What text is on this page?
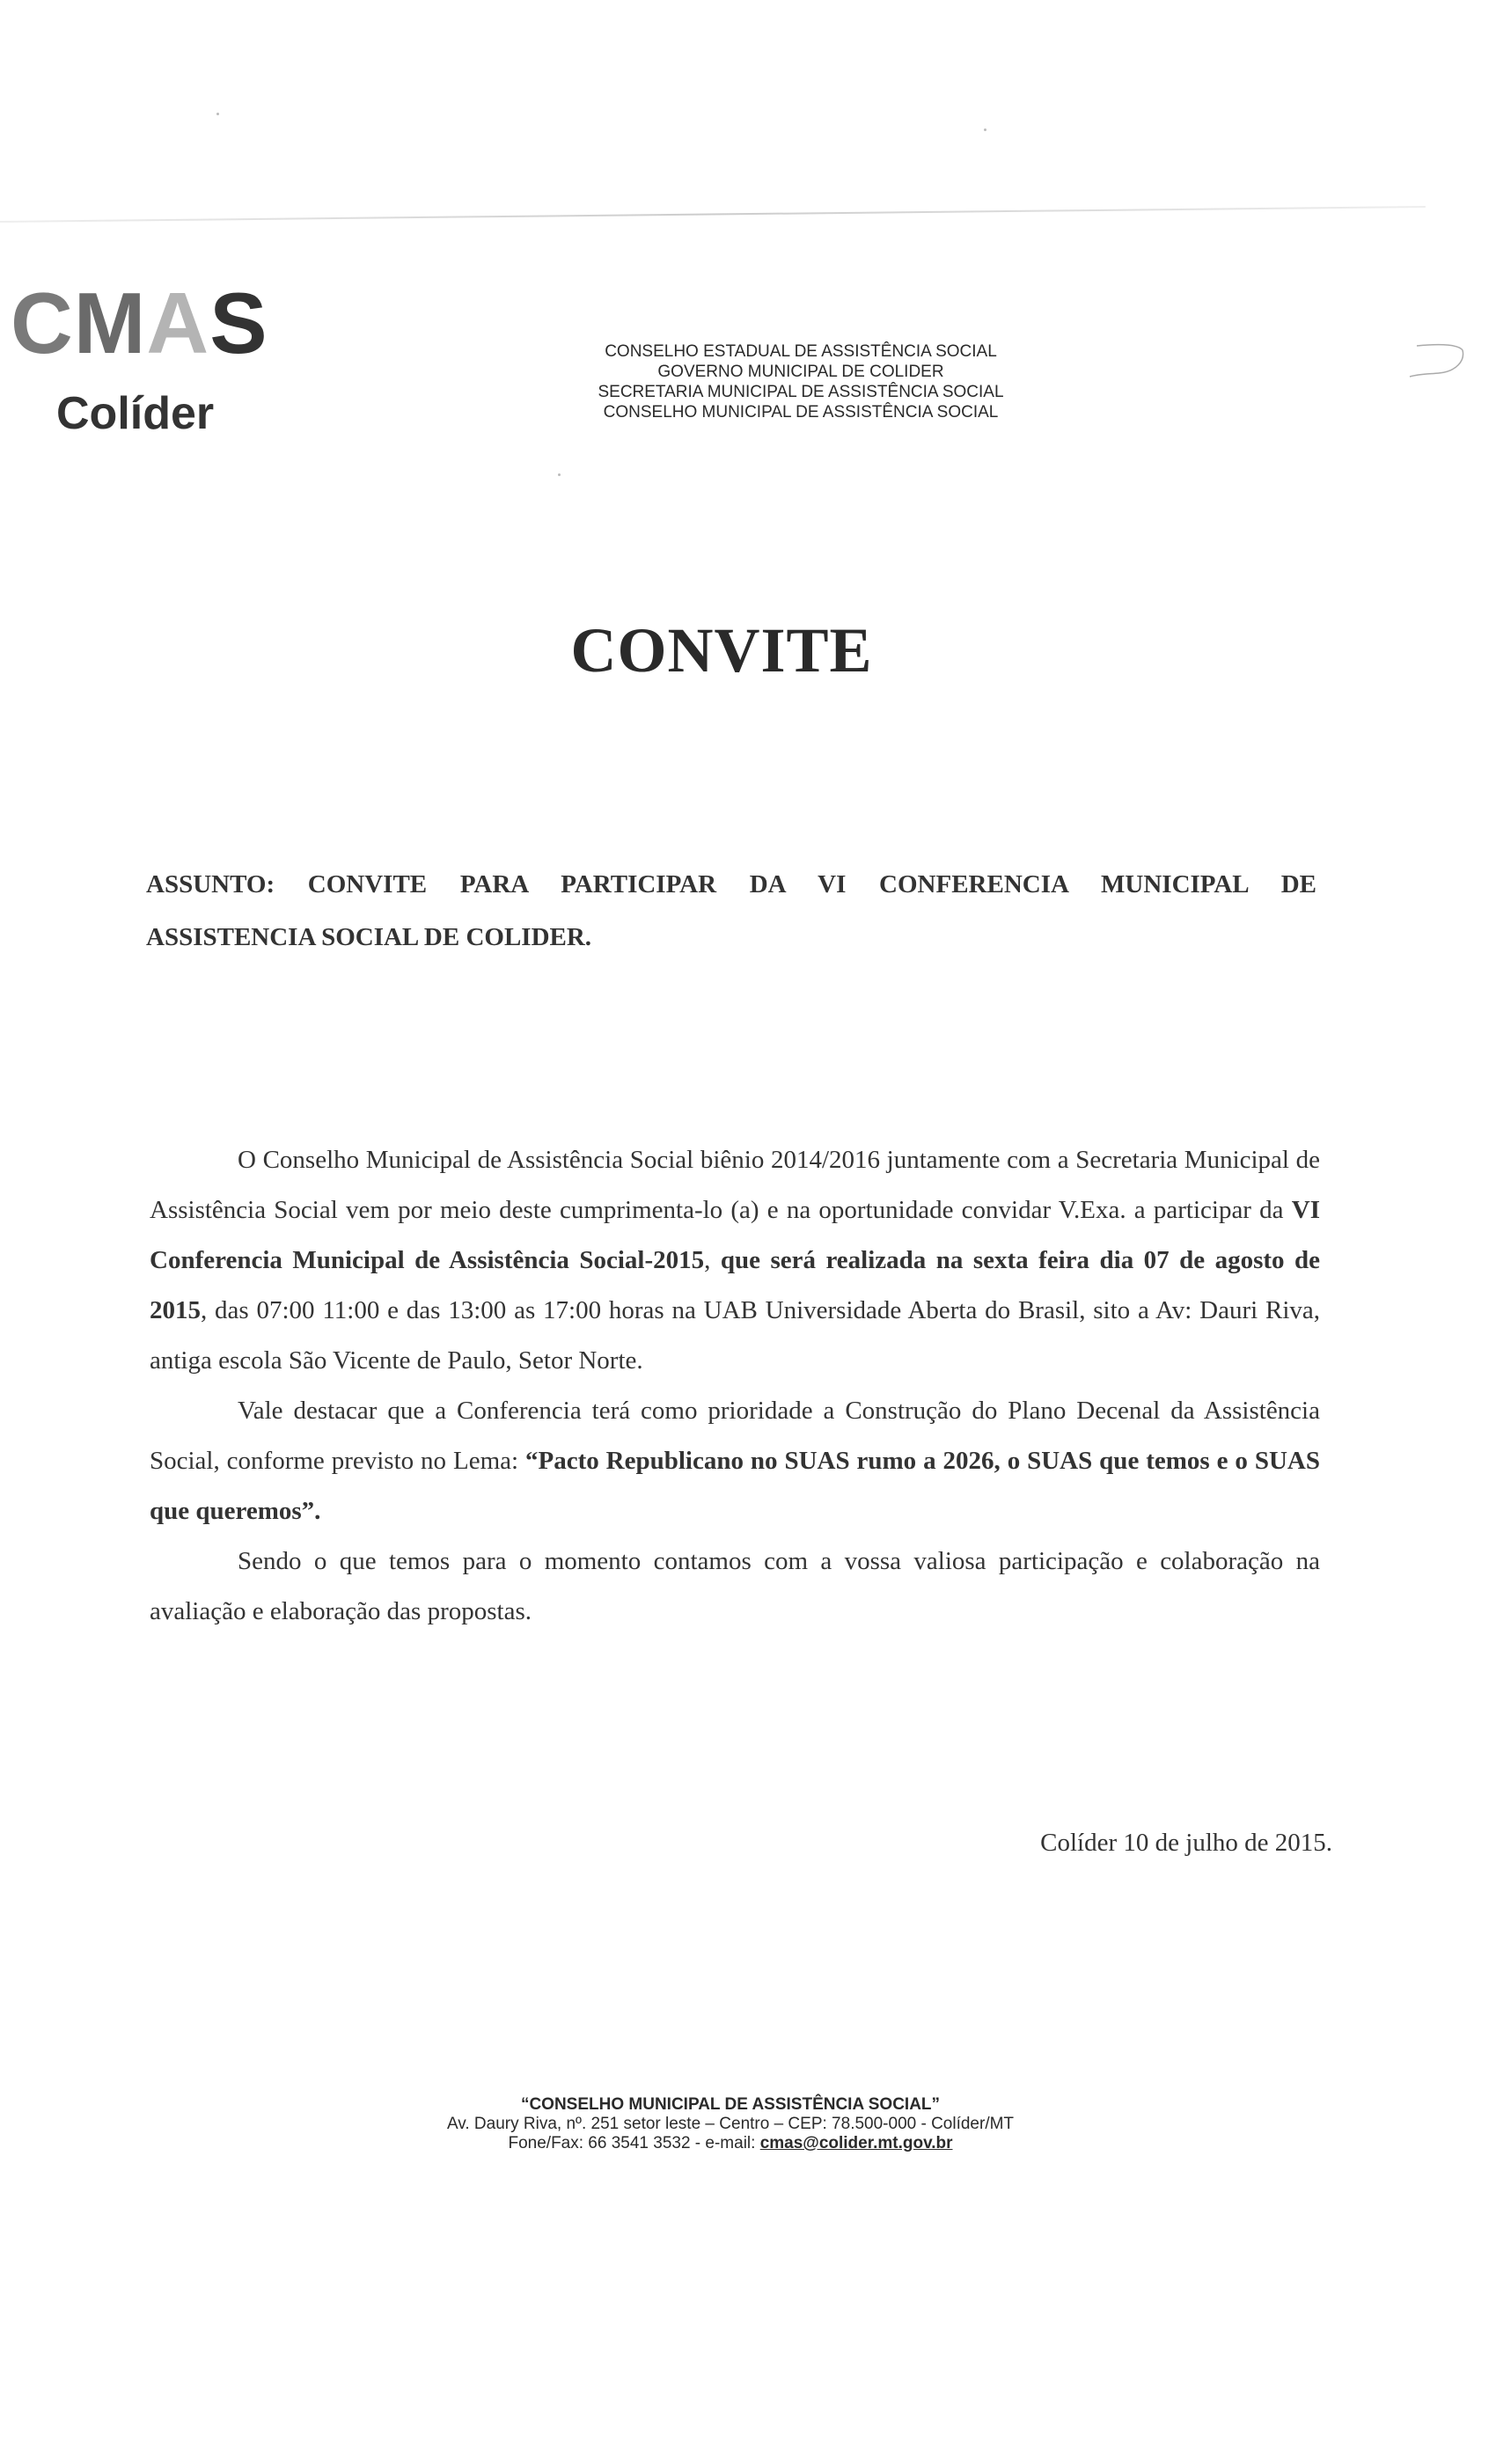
CMAS
Colíder
CONSELHO ESTADUAL DE ASSISTÊNCIA SOCIAL
GOVERNO MUNICIPAL DE COLIDER
SECRETARIA MUNICIPAL DE ASSISTÊNCIA SOCIAL
CONSELHO MUNICIPAL DE ASSISTÊNCIA SOCIAL
CONVITE
ASSUNTO: CONVITE PARA PARTICIPAR DA VI CONFERENCIA MUNICIPAL DE
ASSISTENCIA SOCIAL DE COLIDER.

O Conselho Municipal de Assistência Social biênio 2014/2016 juntamente com a Secretaria Municipal de Assistência Social vem por meio deste cumprimenta-lo (a) e na oportunidade convidar V.Exa. a participar da VI Conferencia Municipal de Assistência Social-2015, que será realizada na sexta feira dia 07 de agosto de 2015, das 07:00 11:00 e das 13:00 as 17:00 horas na UAB Universidade Aberta do Brasil, sito a Av: Dauri Riva, antiga escola São Vicente de Paulo, Setor Norte.

Vale destacar que a Conferencia terá como prioridade a Construção do Plano Decenal da Assistência Social, conforme previsto no Lema: “Pacto Republicano no SUAS rumo a 2026, o SUAS que temos e o SUAS que queremos”.

Sendo o que temos para o momento contamos com a vossa valiosa participação e colaboração na avaliação e elaboração das propostas.

Colíder 10 de julho de 2015.
“CONSELHO MUNICIPAL DE ASSISTÊNCIA SOCIAL”
Av. Daury Riva, nº. 251 setor leste – Centro – CEP: 78.500-000 - Colíder/MT
Fone/Fax: 66 3541 3532 - e-mail: cmas@colider.mt.gov.br
